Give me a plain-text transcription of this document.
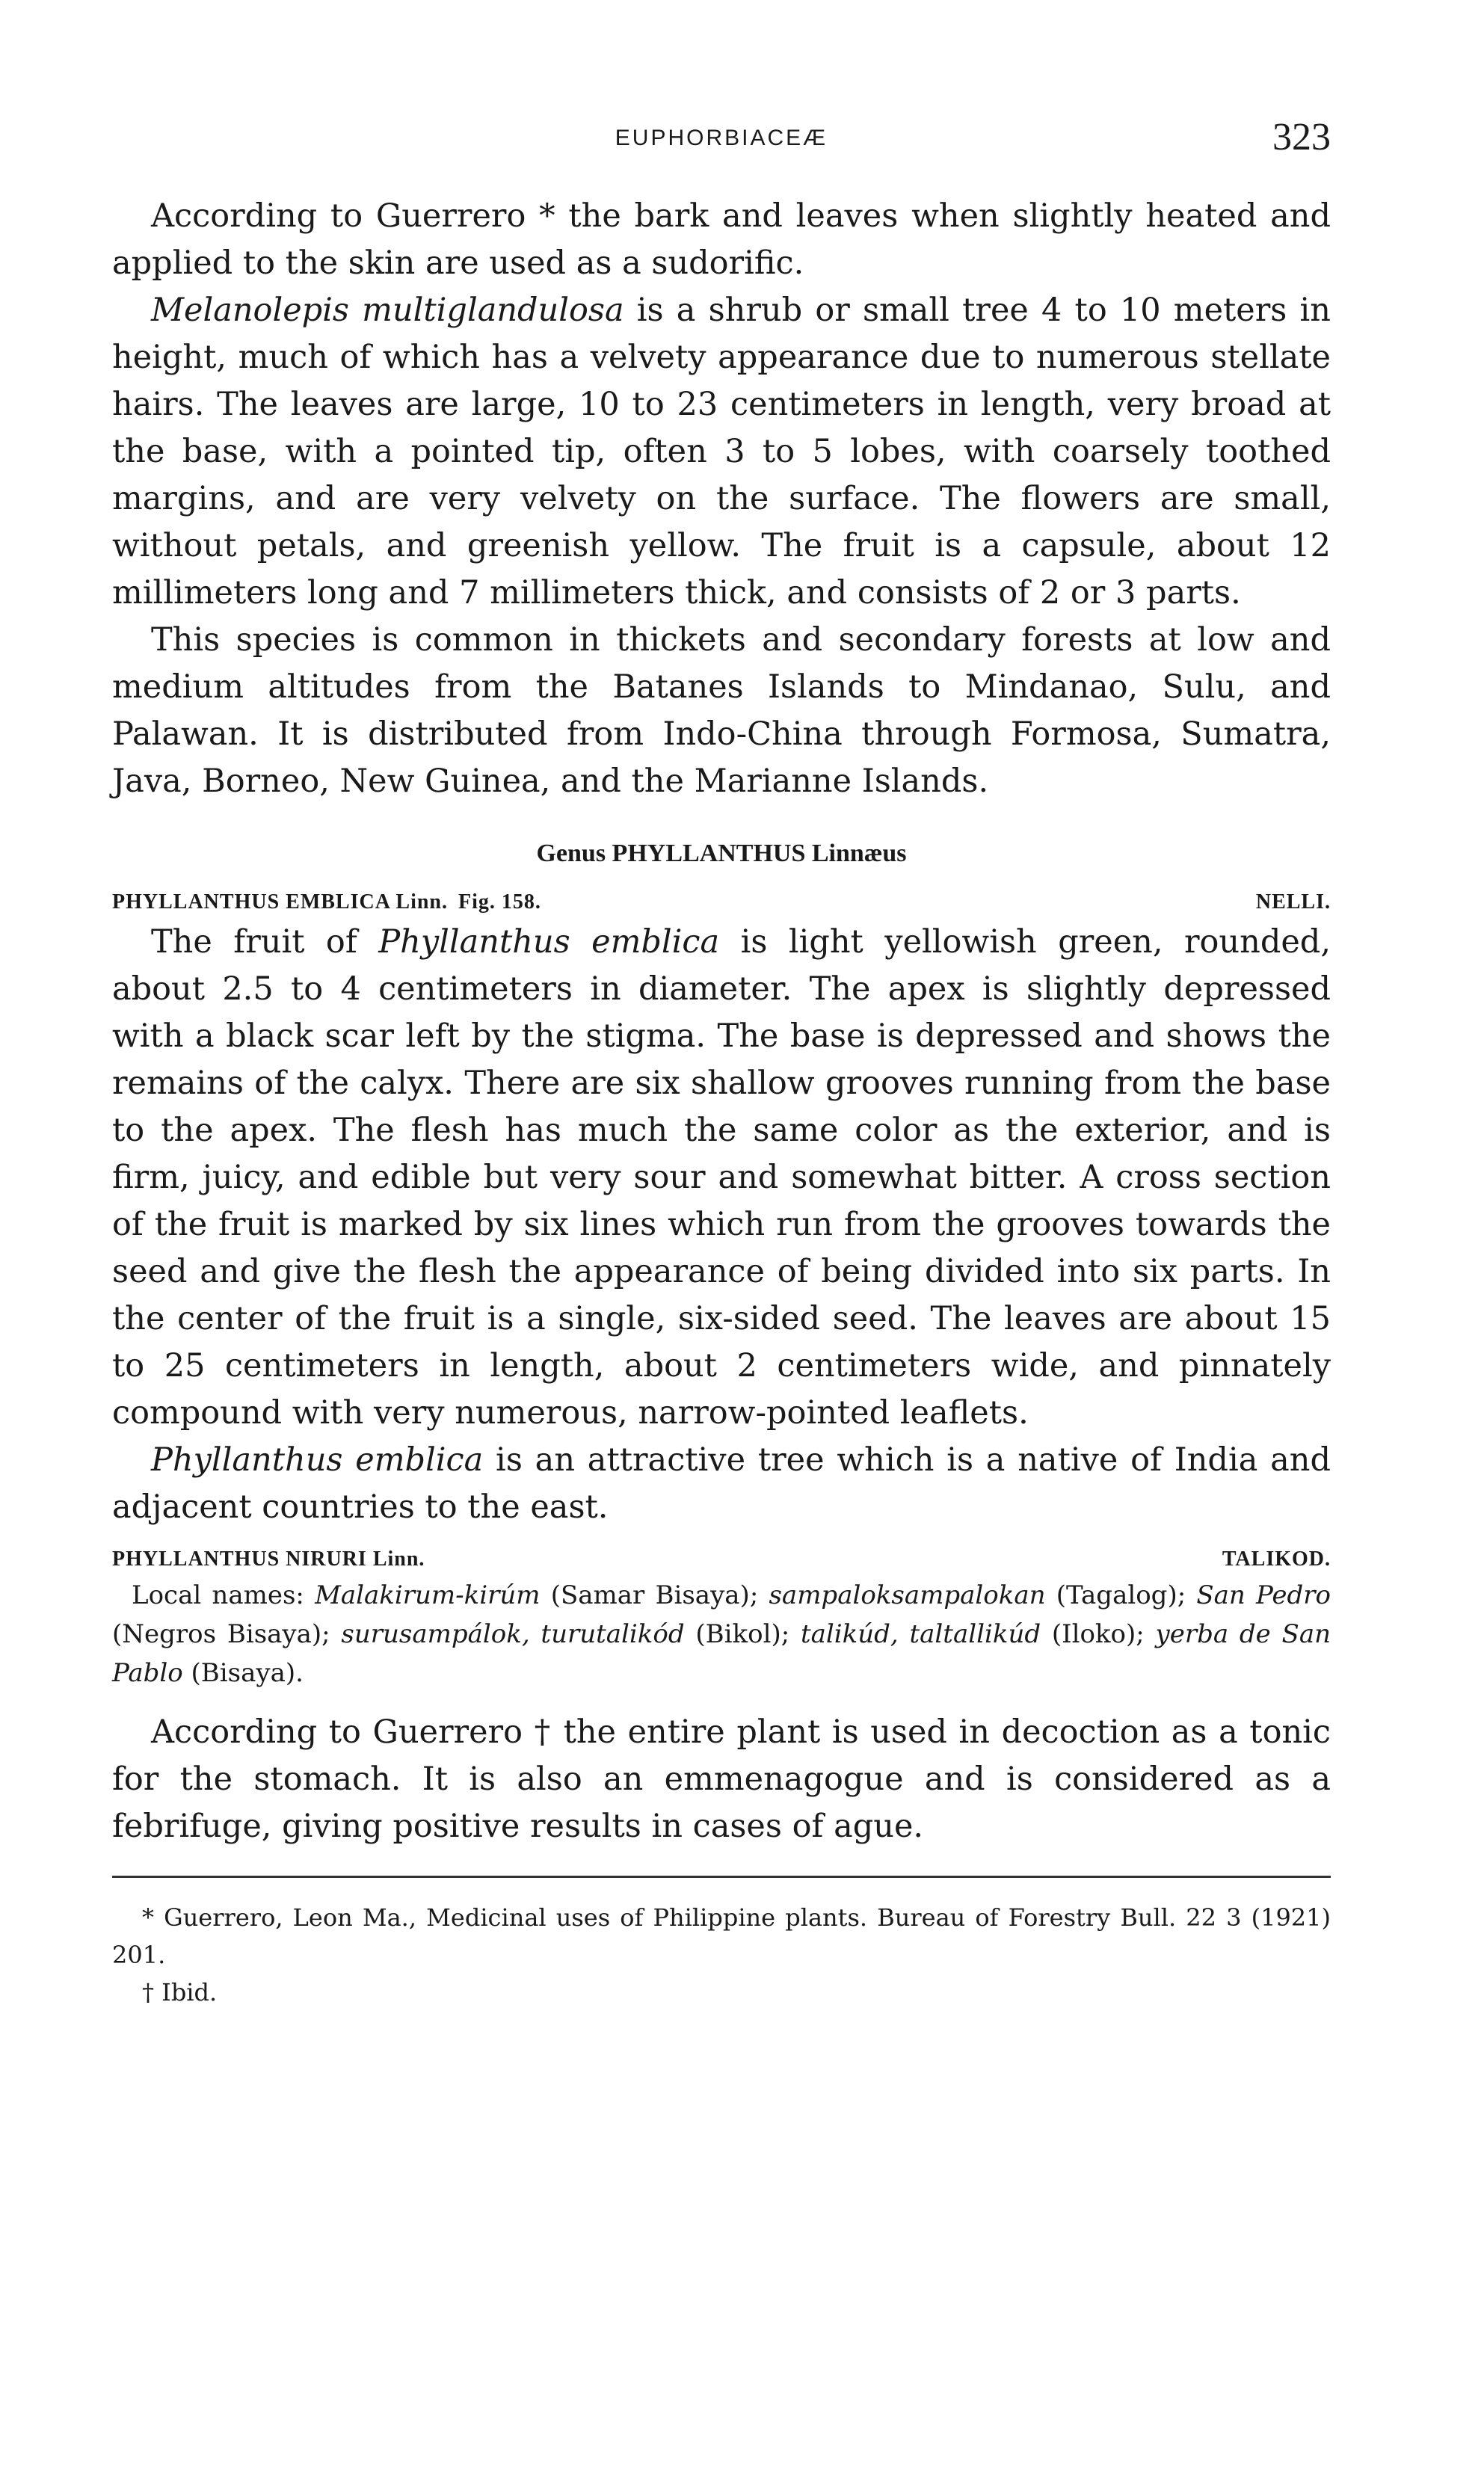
EUPHORBIACEÆ	323

According to Guerrero * the bark and leaves when slightly heated and applied to the skin are used as a sudorific.

Melanolepis multiglandulosa is a shrub or small tree 4 to 10 meters in height, much of which has a velvety appearance due to numerous stellate hairs. The leaves are large, 10 to 23 centimeters in length, very broad at the base, with a pointed tip, often 3 to 5 lobes, with coarsely toothed margins, and are very velvety on the surface. The flowers are small, without petals, and greenish yellow. The fruit is a capsule, about 12 millimeters long and 7 millimeters thick, and consists of 2 or 3 parts.

This species is common in thickets and secondary forests at low and medium altitudes from the Batanes Islands to Mindanao, Sulu, and Palawan. It is distributed from Indo-China through Formosa, Sumatra, Java, Borneo, New Guinea, and the Marianne Islands.

Genus PHYLLANTHUS Linnæus
PHYLLANTHUS EMBLICA Linn. Fig. 158.	NELLI.

The fruit of Phyllanthus emblica is light yellowish green, rounded, about 2.5 to 4 centimeters in diameter. The apex is slightly depressed with a black scar left by the stigma. The base is depressed and shows the remains of the calyx. There are six shallow grooves running from the base to the apex. The flesh has much the same color as the exterior, and is firm, juicy, and edible but very sour and somewhat bitter. A cross section of the fruit is marked by six lines which run from the grooves towards the seed and give the flesh the appearance of being divided into six parts. In the center of the fruit is a single, six-sided seed. The leaves are about 15 to 25 centimeters in length, about 2 centimeters wide, and pinnately compound with very numerous, narrow-pointed leaflets.

Phyllanthus emblica is an attractive tree which is a native of India and adjacent countries to the east.

PHYLLANTHUS NIRURI Linn.	TALIKOD.

Local names: Malakirum-kirúm (Samar Bisaya); sampaloksampalokan (Tagalog); San Pedro (Negros Bisaya); surusampálok, turutalikód (Bikol); talikúd, taltallikúd (Iloko); yerba de San Pablo (Bisaya).

According to Guerrero † the entire plant is used in decoction as a tonic for the stomach. It is also an emmenagogue and is considered as a febrifuge, giving positive results in cases of ague.

* Guerrero, Leon Ma., Medicinal uses of Philippine plants. Bureau of Forestry Bull. 22 3 (1921) 201.

† Ibid.
